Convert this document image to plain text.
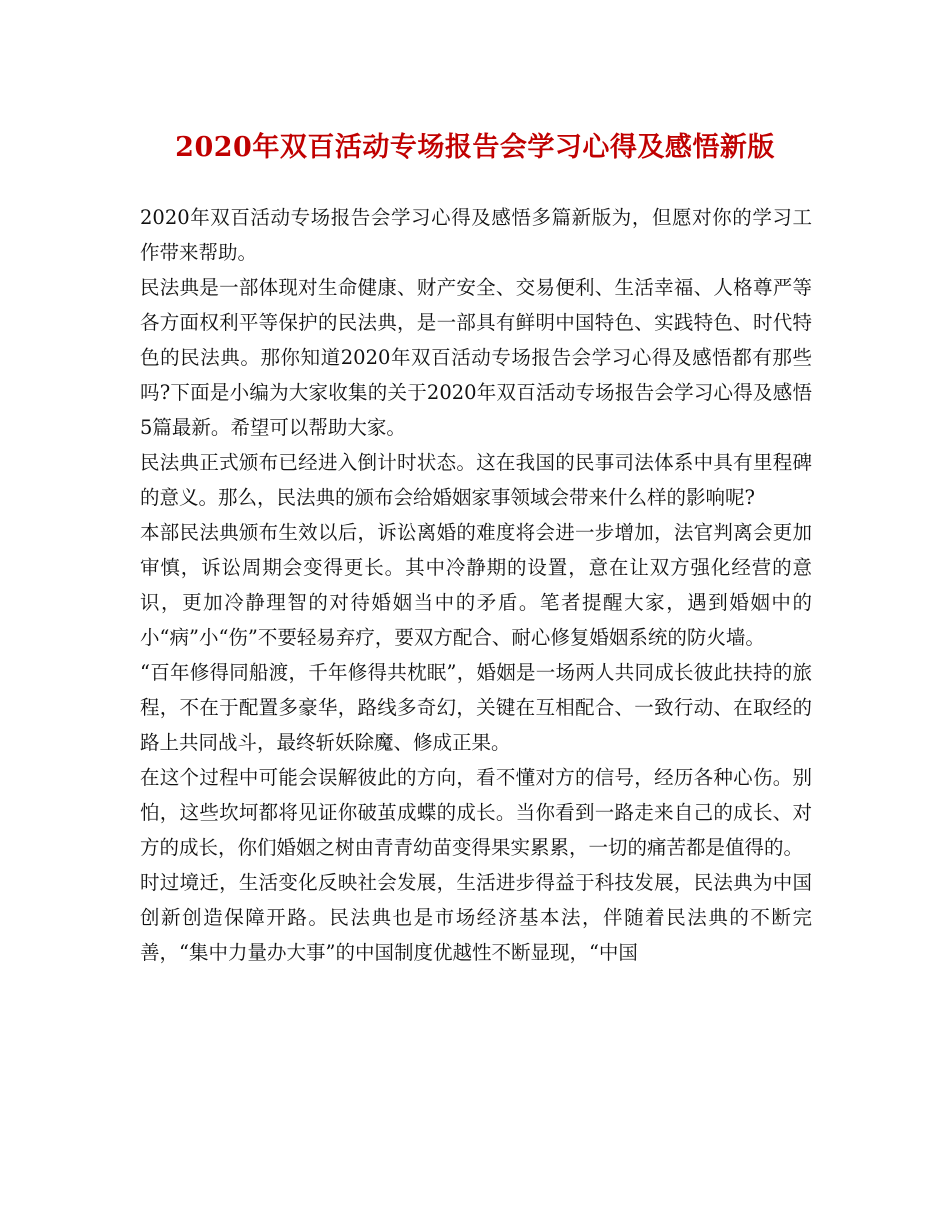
2020年双百活动专场报告会学习心得及感悟新版

2020年双百活动专场报告会学习心得及感悟多篇新版为，但愿对你的学习工作带来帮助。

民法典是一部体现对生命健康、财产安全、交易便利、生活幸福、人格尊严等各方面权利平等保护的民法典，是一部具有鲜明中国特色、实践特色、时代特色的民法典。那你知道2020年双百活动专场报告会学习心得及感悟都有那些吗?下面是小编为大家收集的关于2020年双百活动专场报告会学习心得及感悟5篇最新。希望可以帮助大家。

民法典正式颁布已经进入倒计时状态。这在我国的民事司法体系中具有里程碑的意义。那么，民法典的颁布会给婚姻家事领域会带来什么样的影响呢?

本部民法典颁布生效以后，诉讼离婚的难度将会进一步增加，法官判离会更加审慎，诉讼周期会变得更长。其中冷静期的设置，意在让双方强化经营的意识，更加冷静理智的对待婚姻当中的矛盾。笔者提醒大家，遇到婚姻中的小“病”小“伤”不要轻易弃疗，要双方配合、耐心修复婚姻系统的防火墙。

“百年修得同船渡，千年修得共枕眠”，婚姻是一场两人共同成长彼此扶持的旅程，不在于配置多豪华，路线多奇幻，关键在互相配合、一致行动、在取经的路上共同战斗，最终斩妖除魔、修成正果。

在这个过程中可能会误解彼此的方向，看不懂对方的信号，经历各种心伤。别怕，这些坎坷都将见证你破茧成蝶的成长。当你看到一路走来自己的成长、对方的成长，你们婚姻之树由青青幼苗变得果实累累，一切的痛苦都是值得的。

时过境迁，生活变化反映社会发展，生活进步得益于科技发展，民法典为中国创新创造保障开路。民法典也是市场经济基本法，伴随着民法典的不断完善，“集中力量办大事”的中国制度优越性不断显现，“中国
